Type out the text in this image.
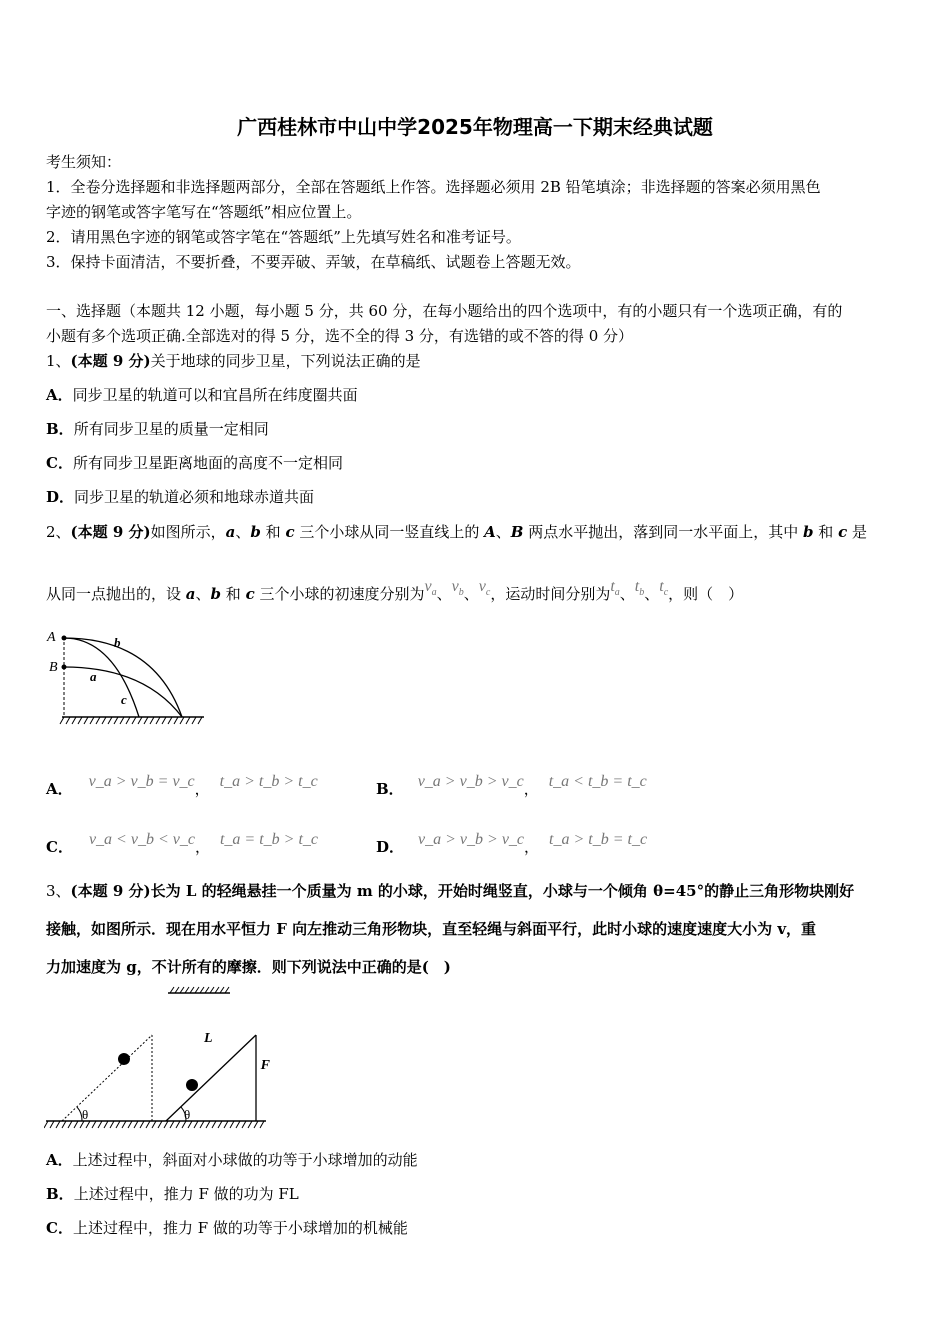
广西桂林市中山中学2025年物理高一下期末经典试题
考生须知：
1．全卷分选择题和非选择题两部分，全部在答题纸上作答。选择题必须用 2B 铅笔填涂；非选择题的答案必须用黑色
字迹的钢笔或答字笔写在“答题纸”相应位置上。
2．请用黑色字迹的钢笔或答字笔在“答题纸”上先填写姓名和准考证号。
3．保持卡面清洁，不要折叠，不要弄破、弄皱，在草稿纸、试题卷上答题无效。
一、选择题（本题共 12 小题，每小题 5 分，共 60 分，在每小题给出的四个选项中，有的小题只有一个选项正确，有的
小题有多个选项正确.全部选对的得 5 分，选不全的得 3 分，有选错的或不答的得 0 分）
1、(本题 9 分)关于地球的同步卫星，下列说法正确的是
A．同步卫星的轨道可以和宜昌所在纬度圈共面
B．所有同步卫星的质量一定相同
C．所有同步卫星距离地面的高度不一定相同
D．同步卫星的轨道必须和地球赤道共面
2、(本题 9 分)如图所示，a、b 和 c 三个小球从同一竖直线上的 A、B 两点水平抛出，落到同一水平面上，其中 b 和 c 是
从同一点抛出的，设 a、b 和 c 三个小球的初速度分别为$v_a$、$v_b$、$v_c$，运动时间分别为$t_a$、$t_b$、$t_c$，则（　）
A
B
b
a
c
A． v_a > v_b = v_c， t_a > t_b > t_c	B． v_a > v_b > v_c， t_a < t_b = t_c
C． v_a < v_b < v_c， t_a = t_b > t_c	D． v_a > v_b > v_c， t_a > t_b = t_c
3、(本题 9 分)长为 L 的轻绳悬挂一个质量为 m 的小球，开始时绳竖直，小球与一个倾角 θ=45°的静止三角形物块刚好
接触，如图所示．现在用水平恒力 F 向左推动三角形物块，直至轻绳与斜面平行，此时小球的速度速度大小为 v，重
力加速度为 g，不计所有的摩擦．则下列说法中正确的是(　)
θ	θ
L
F
A．上述过程中，斜面对小球做的功等于小球增加的动能
B．上述过程中，推力 F 做的功为 FL
C．上述过程中，推力 F 做的功等于小球增加的机械能
